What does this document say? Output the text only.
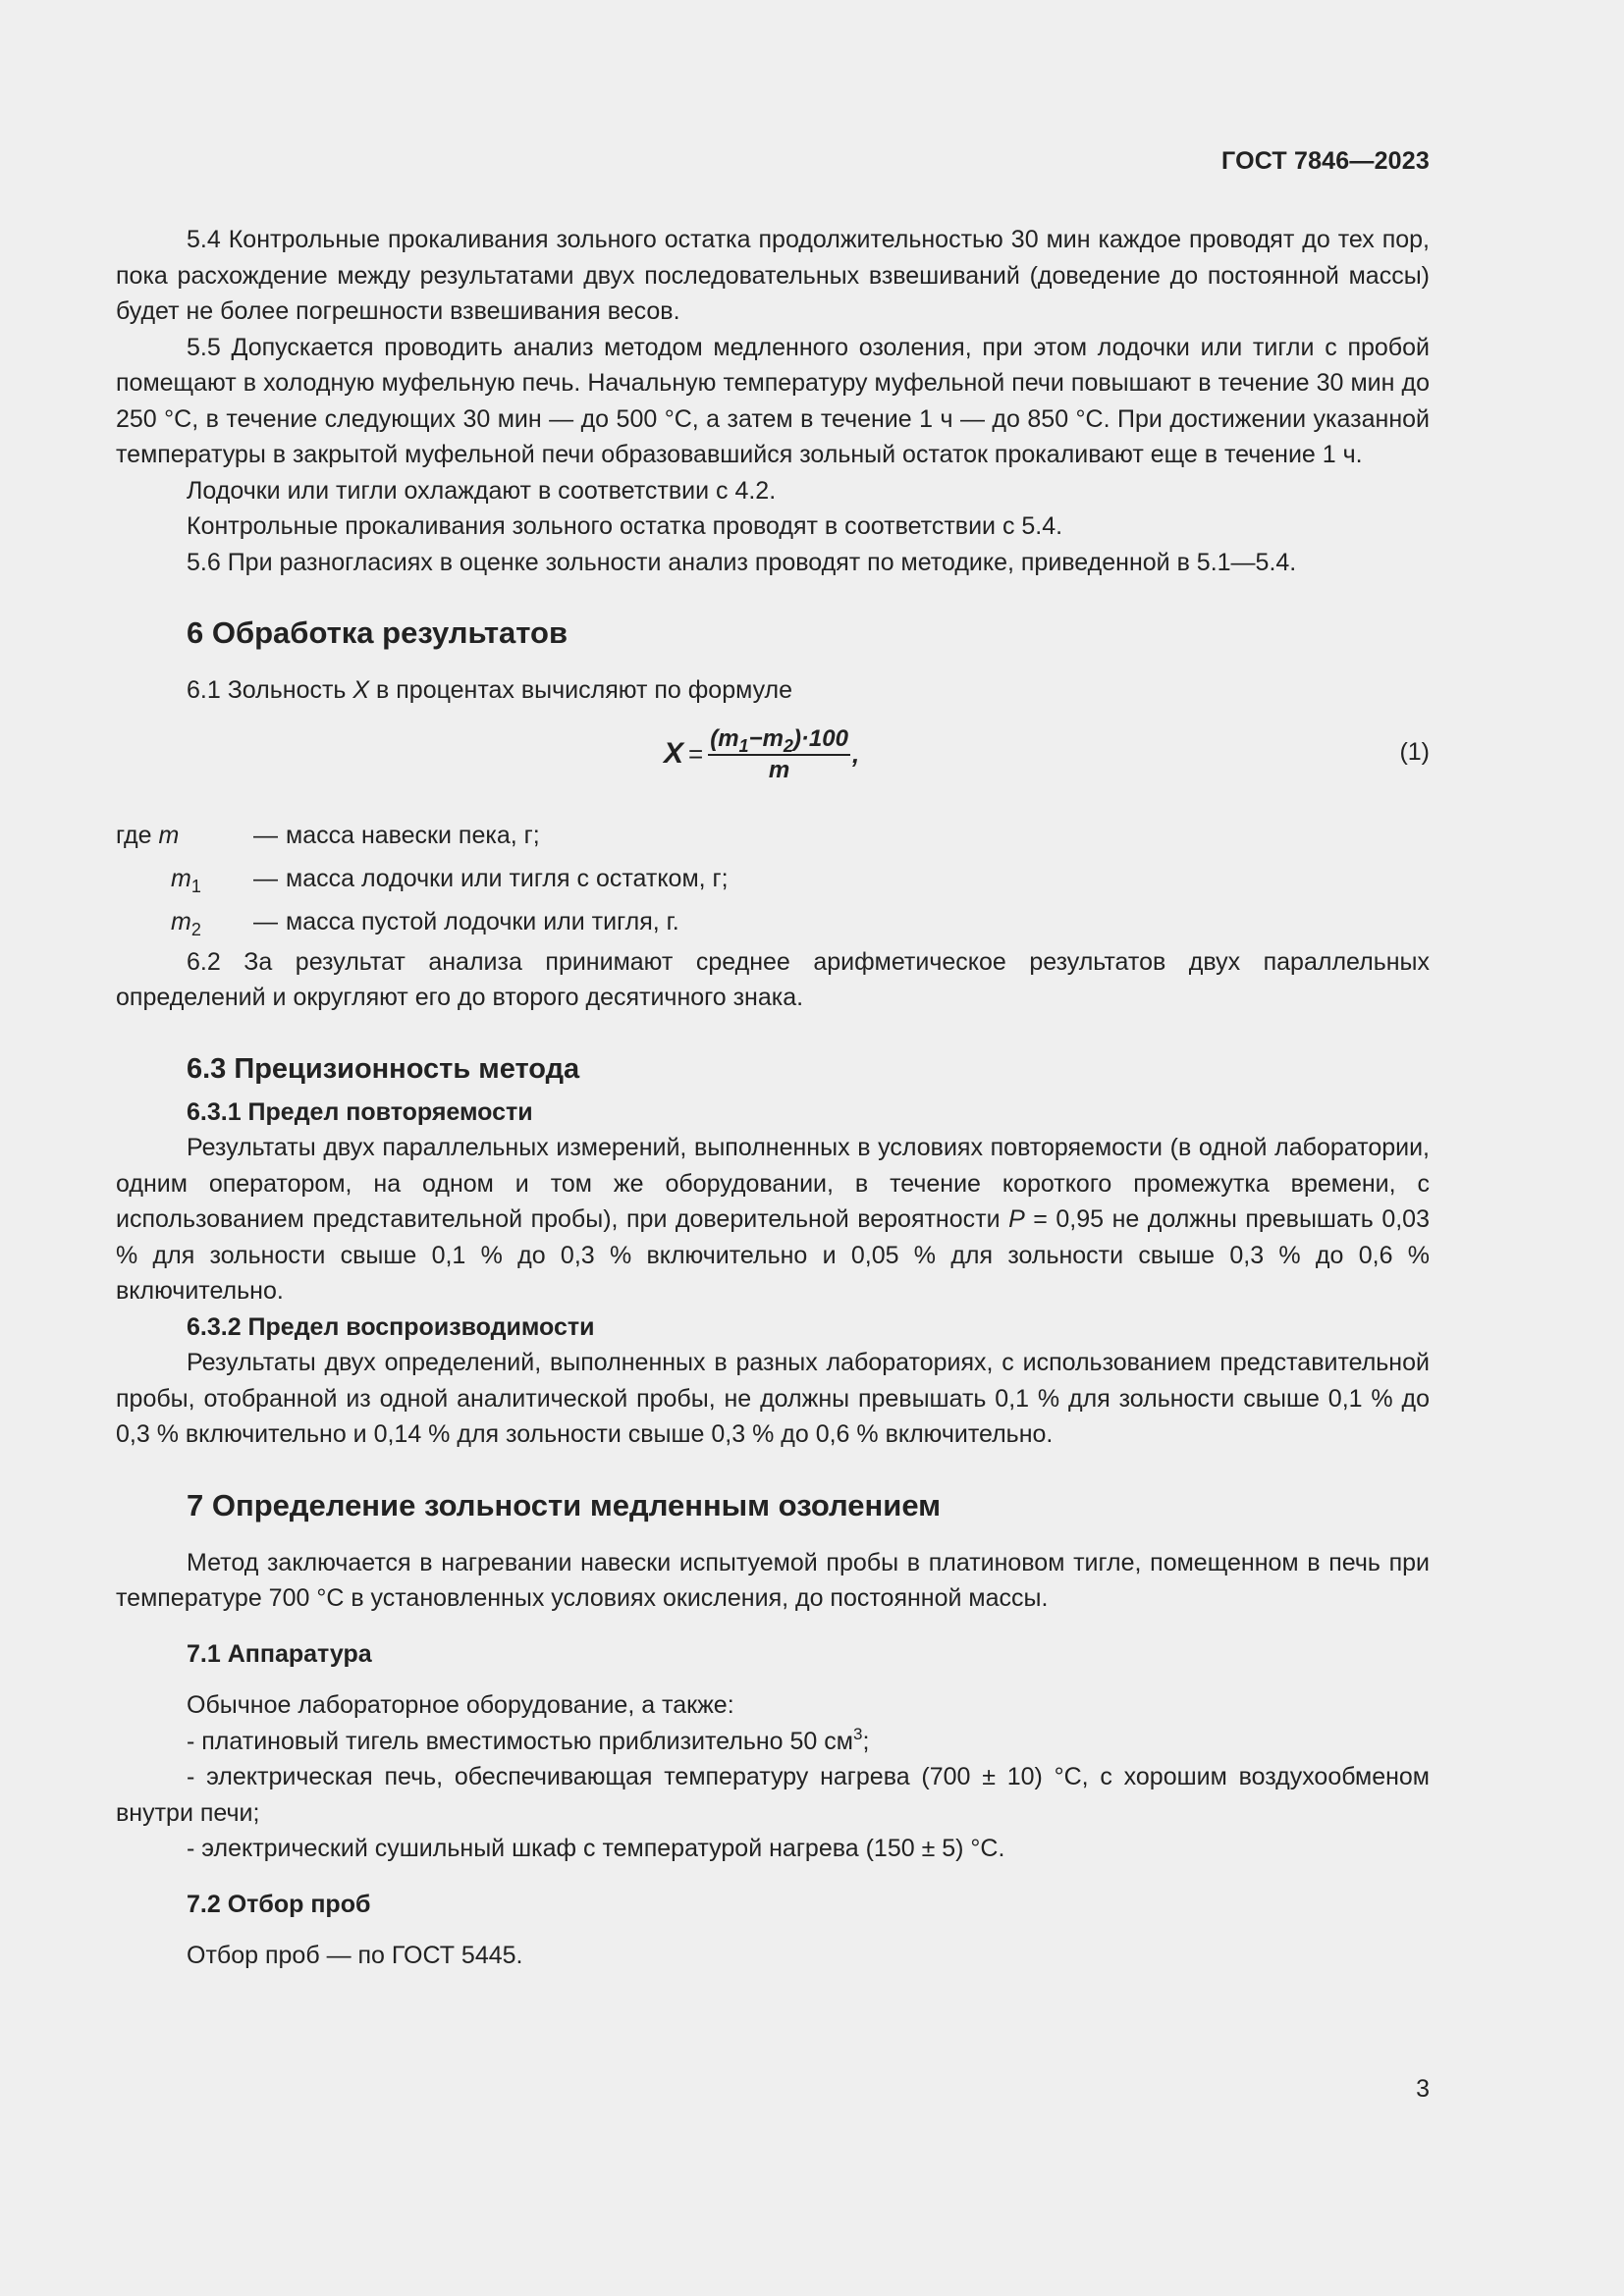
ГОСТ 7846—2023

5.4 Контрольные прокаливания зольного остатка продолжительностью 30 мин каждое проводят до тех пор, пока расхождение между результатами двух последовательных взвешиваний (доведение до постоянной массы) будет не более погрешности взвешивания весов.

5.5 Допускается проводить анализ методом медленного озоления, при этом лодочки или тигли с пробой помещают в холодную муфельную печь. Начальную температуру муфельной печи повышают в течение 30 мин до 250 °С, в течение следующих 30 мин — до 500 °С, а затем в течение 1 ч — до 850 °С. При достижении указанной температуры в закрытой муфельной печи образовавшийся зольный остаток прокаливают еще в течение 1 ч.

Лодочки или тигли охлаждают в соответствии с 4.2.

Контрольные прокаливания зольного остатка проводят в соответствии с 5.4.

5.6 При разногласиях в оценке зольности анализ проводят по методике, приведенной в 5.1—5.4.

6 Обработка результатов

6.1 Зольность X в процентах вычисляют по формуле

$X = \frac{(m_1-m_2)\cdot 100}{m}$ ,	(1)
где m	— масса навески пека, г;
$m_1$	— масса лодочки или тигля с остатком, г;
$m_2$	— масса пустой лодочки или тигля, г.

6.2 За результат анализа принимают среднее арифметическое результатов двух параллельных определений и округляют его до второго десятичного знака.

6.3 Прецизионность метода
6.3.1 Предел повторяемости

Результаты двух параллельных измерений, выполненных в условиях повторяемости (в одной лаборатории, одним оператором, на одном и том же оборудовании, в течение короткого промежутка времени, с использованием представительной пробы), при доверительной вероятности P = 0,95 не должны превышать 0,03 % для зольности свыше 0,1 % до 0,3 % включительно и 0,05 % для зольности свыше 0,3 % до 0,6 % включительно.

6.3.2 Предел воспроизводимости

Результаты двух определений, выполненных в разных лабораториях, с использованием представительной пробы, отобранной из одной аналитической пробы, не должны превышать 0,1 % для зольности свыше 0,1 % до 0,3 % включительно и 0,14 % для зольности свыше 0,3 % до 0,6 % включительно.

7 Определение зольности медленным озолением

Метод заключается в нагревании навески испытуемой пробы в платиновом тигле, помещенном в печь при температуре 700 °С в установленных условиях окисления, до постоянной массы.

7.1 Аппаратура

Обычное лабораторное оборудование, а также:

- платиновый тигель вместимостью приблизительно 50 $см^3$;

- электрическая печь, обеспечивающая температуру нагрева (700 ± 10) °С, с хорошим воздухообменом внутри печи;

- электрический сушильный шкаф с температурой нагрева (150 ± 5) °С.

7.2 Отбор проб

Отбор проб — по ГОСТ 5445.

3
